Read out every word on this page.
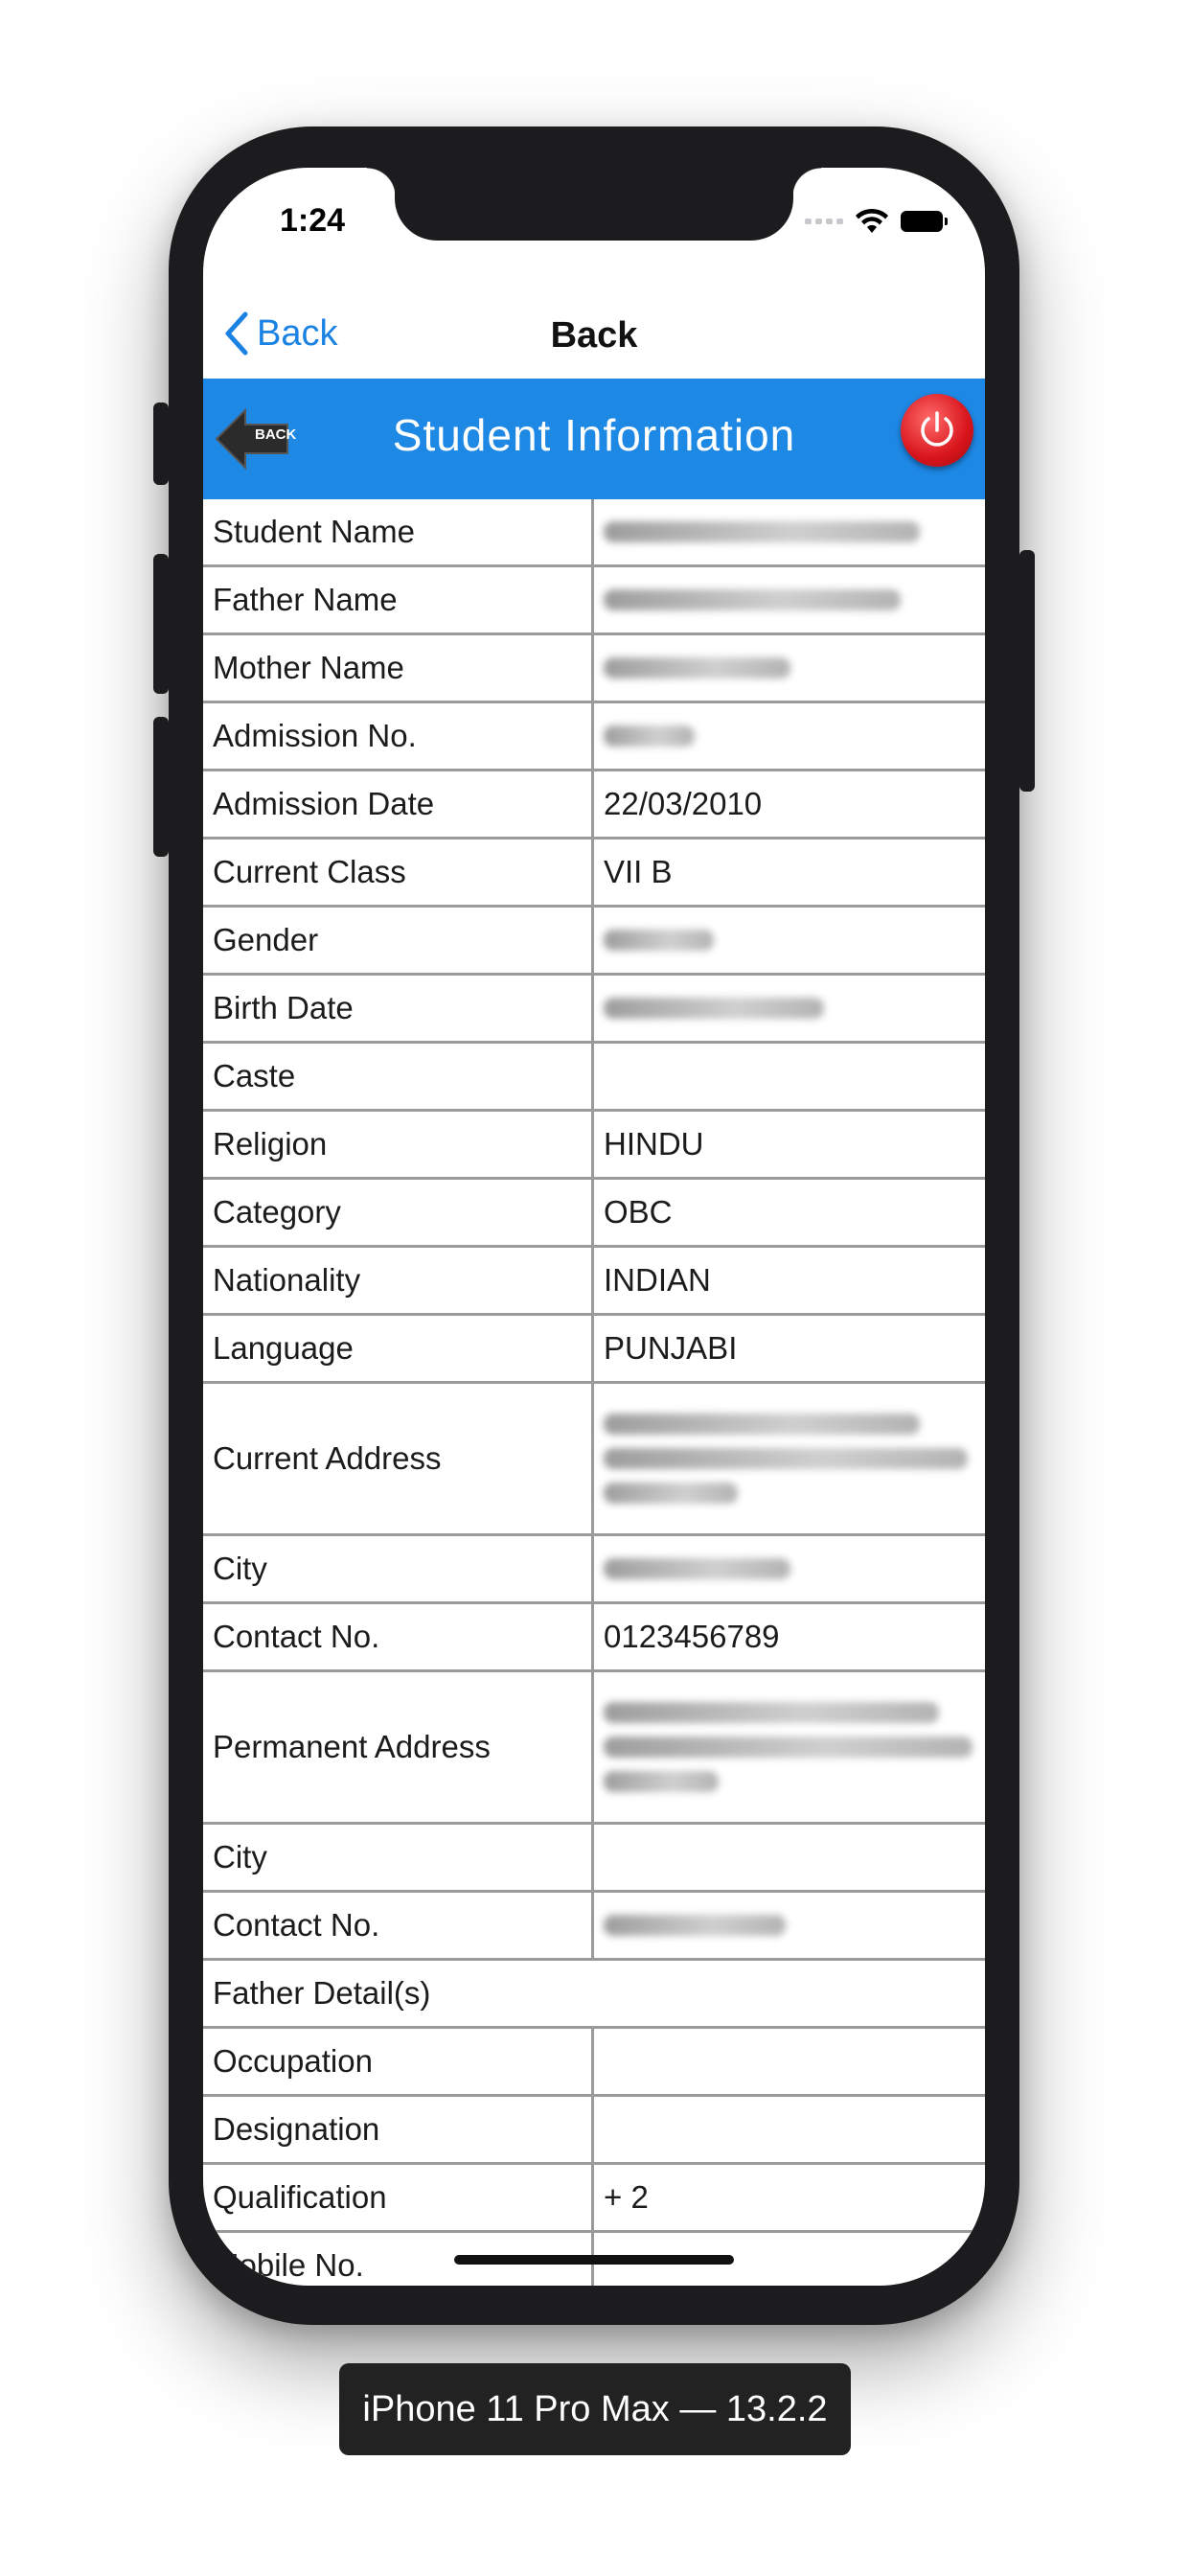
1:24
Back	Back
BACK	Student Information
Student Name
Father Name
Mother Name
Admission No.
Admission Date	22/03/2010
Current Class	VII B
Gender
Birth Date
Caste
Religion	HINDU
Category	OBC
Nationality	INDIAN
Language	PUNJABI
Current Address
City
Contact No.	0123456789
Permanent Address
City
Contact No.
Father Detail(s)
Occupation
Designation
Qualification	+ 2
Mobile No.
iPhone 11 Pro Max — 13.2.2
